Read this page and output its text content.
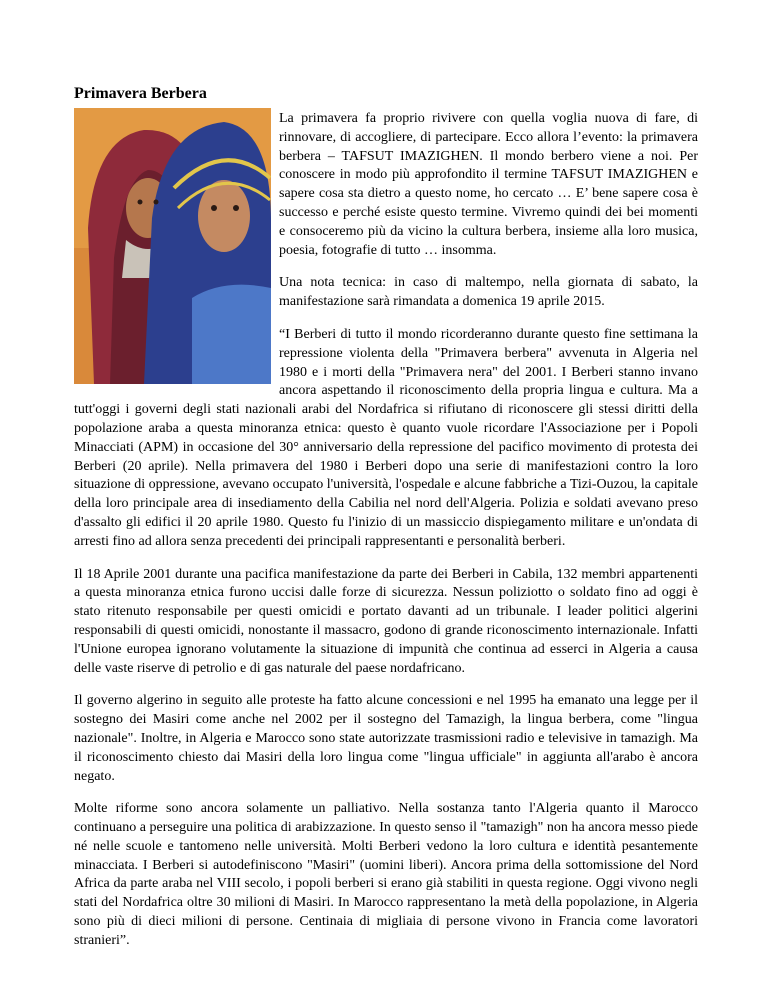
Primavera Berbera

La primavera fa proprio rivivere con quella voglia nuova di fare, di rinnovare, di accogliere, di partecipare. Ecco allora l’evento: la primavera berbera – TAFSUT IMAZIGHEN. Il mondo berbero viene a noi. Per conoscere in modo più approfondito il termine TAFSUT IMAZIGHEN e sapere cosa sta dietro a questo nome, ho cercato … E’ bene sapere cosa è successo e perché esiste questo termine. Vivremo quindi dei bei momenti e consoceremo più da vicino la cultura berbera, insieme alla loro musica, poesia, fotografie di tutto … insomma.

Una nota tecnica: in caso di maltempo, nella giornata di sabato, la manifestazione sarà rimandata a domenica 19 aprile 2015.

“I Berberi di tutto il mondo ricorderanno durante questo fine settimana la repressione violenta della "Primavera berbera" avvenuta in Algeria nel 1980 e i morti della "Primavera nera" del 2001. I Berberi stanno invano ancora aspettando il riconoscimento della propria lingua e cultura. Ma a tutt'oggi i governi degli stati nazionali arabi del Nordafrica si rifiutano di riconoscere gli stessi diritti della popolazione araba a questa minoranza etnica: questo è quanto vuole ricordare l'Associazione per i Popoli Minacciati (APM) in occasione del 30° anniversario della repressione del pacifico movimento di protesta dei Berberi (20 aprile). Nella primavera del 1980 i Berberi dopo una serie di manifestazioni contro la loro situazione di oppressione, avevano occupato l'università, l'ospedale e alcune fabbriche a Tizi-Ouzou, la capitale della loro principale area di insediamento della Cabilia nel nord dell'Algeria. Polizia e soldati avevano preso d'assalto gli edifici il 20 aprile 1980. Questo fu l'inizio di un massiccio dispiegamento militare e un'ondata di arresti fino ad allora senza precedenti dei principali rappresentanti e personalità berberi.

Il 18 Aprile 2001 durante una pacifica manifestazione da parte dei Berberi in Cabila, 132 membri appartenenti a questa minoranza etnica furono uccisi dalle forze di sicurezza. Nessun poliziotto o soldato fino ad oggi è stato ritenuto responsabile per questi omicidi e portato davanti ad un tribunale. I leader politici algerini responsabili di questi omicidi, nonostante il massacro, godono di grande riconoscimento internazionale. Infatti l'Unione europea ignorano volutamente la situazione di impunità che continua ad esserci in Algeria a causa delle vaste riserve di petrolio e di gas naturale del paese nordafricano.

Il governo algerino in seguito alle proteste ha fatto alcune concessioni e nel 1995 ha emanato una legge per il sostegno dei Masiri come anche nel 2002 per il sostegno del Tamazigh, la lingua berbera, come "lingua nazionale". Inoltre, in Algeria e Marocco sono state autorizzate trasmissioni radio e televisive in tamazigh. Ma il riconoscimento chiesto dai Masiri della loro lingua come "lingua ufficiale" in aggiunta all'arabo è ancora negato.

Molte riforme sono ancora solamente un palliativo. Nella sostanza tanto l'Algeria quanto il Marocco continuano a perseguire una politica di arabizzazione. In questo senso il "tamazigh" non ha ancora messo piede né nelle scuole e tantomeno nelle università. Molti Berberi vedono la loro cultura e identità pesantemente minacciata. I Berberi si autodefiniscono "Masiri" (uomini liberi). Ancora prima della sottomissione del Nord Africa da parte araba nel VIII secolo, i popoli berberi si erano già stabiliti in questa regione. Oggi vivono negli stati del Nordafrica oltre 30 milioni di Masiri. In Marocco rappresentano la metà della popolazione, in Algeria sono più di dieci milioni di persone. Centinaia di migliaia di persone vivono in Francia come lavoratori stranieri”.
